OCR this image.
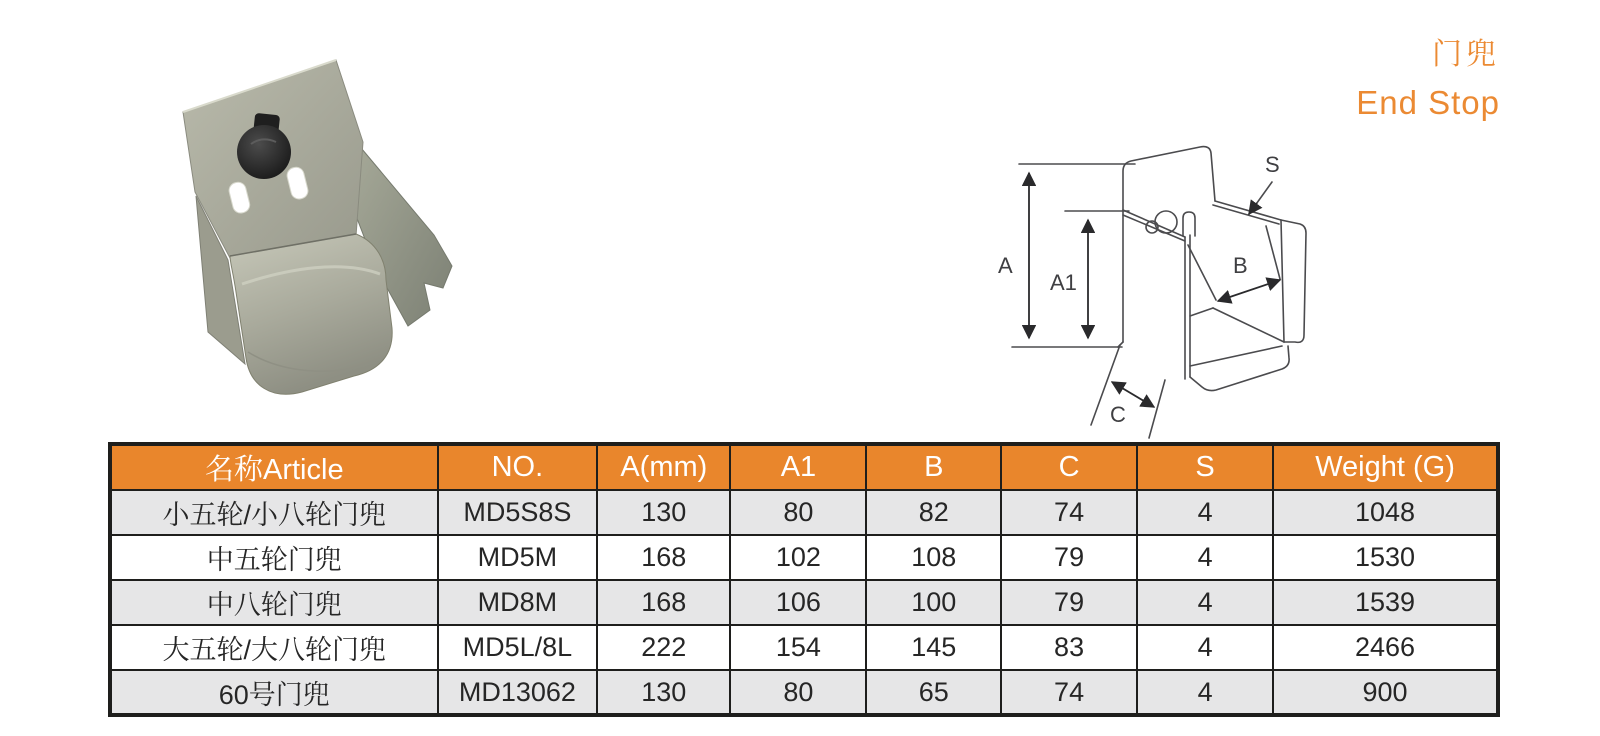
门兜
End Stop
A
A1
B
C
S
名称Article	NO.	A(mm)	A1	B	C	S	Weight (G)
小五轮/小八轮门兜	MD5S8S	130	80	82	74	4	1048
中五轮门兜	MD5M	168	102	108	79	4	1530
中八轮门兜	MD8M	168	106	100	79	4	1539
大五轮/大八轮门兜	MD5L/8L	222	154	145	83	4	2466
60号门兜	MD13062	130	80	65	74	4	900
